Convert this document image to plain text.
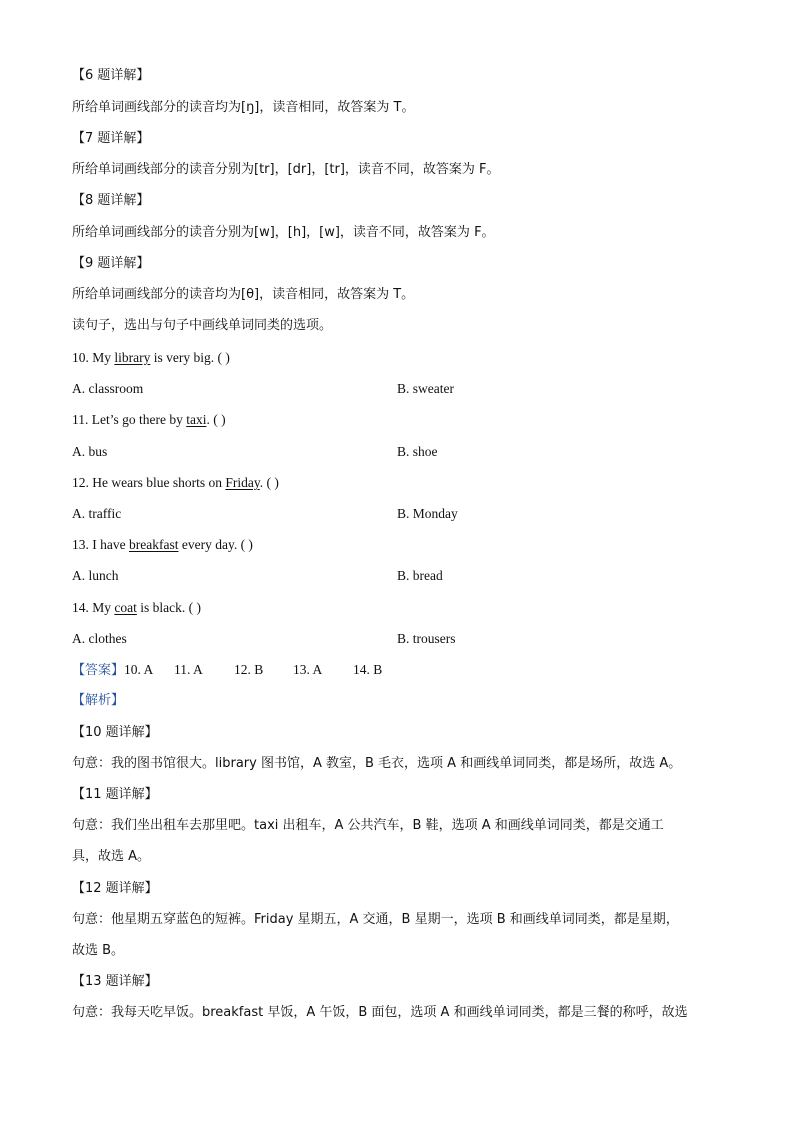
【6 题详解】
所给单词画线部分的读音均为[ŋ]，读音相同，故答案为 T。
【7 题详解】
所给单词画线部分的读音分别为[tr]，[dr]，[tr]，读音不同，故答案为 F。
【8 题详解】
所给单词画线部分的读音分别为[w]，[h]，[w]，读音不同，故答案为 F。
【9 题详解】
所给单词画线部分的读音均为[θ]，读音相同，故答案为 T。
读句子，选出与句子中画线单词同类的选项。
10. My library is very big. ( )
A. classroom	B. sweater
11. Let’s go there by taxi. ( )
A. bus	B. shoe
12. He wears blue shorts on Friday. ( )
A. traffic	B. Monday
13. I have breakfast every day. ( )
A. lunch	B. bread
14. My coat is black. ( )
A. clothes	B. trousers
【答案】10. A 11. A 12. B 13. A 14. B
【解析】
【10 题详解】
句意：我的图书馆很大。library 图书馆，A 教室，B 毛衣，选项 A 和画线单词同类，都是场所，故选 A。
【11 题详解】
句意：我们坐出租车去那里吧。taxi 出租车，A 公共汽车，B 鞋，选项 A 和画线单词同类，都是交通工
具，故选 A。
【12 题详解】
句意：他星期五穿蓝色的短裤。Friday 星期五，A 交通，B 星期一，选项 B 和画线单词同类，都是星期，
故选 B。
【13 题详解】
句意：我每天吃早饭。breakfast 早饭，A 午饭，B 面包，选项 A 和画线单词同类，都是三餐的称呼，故选
